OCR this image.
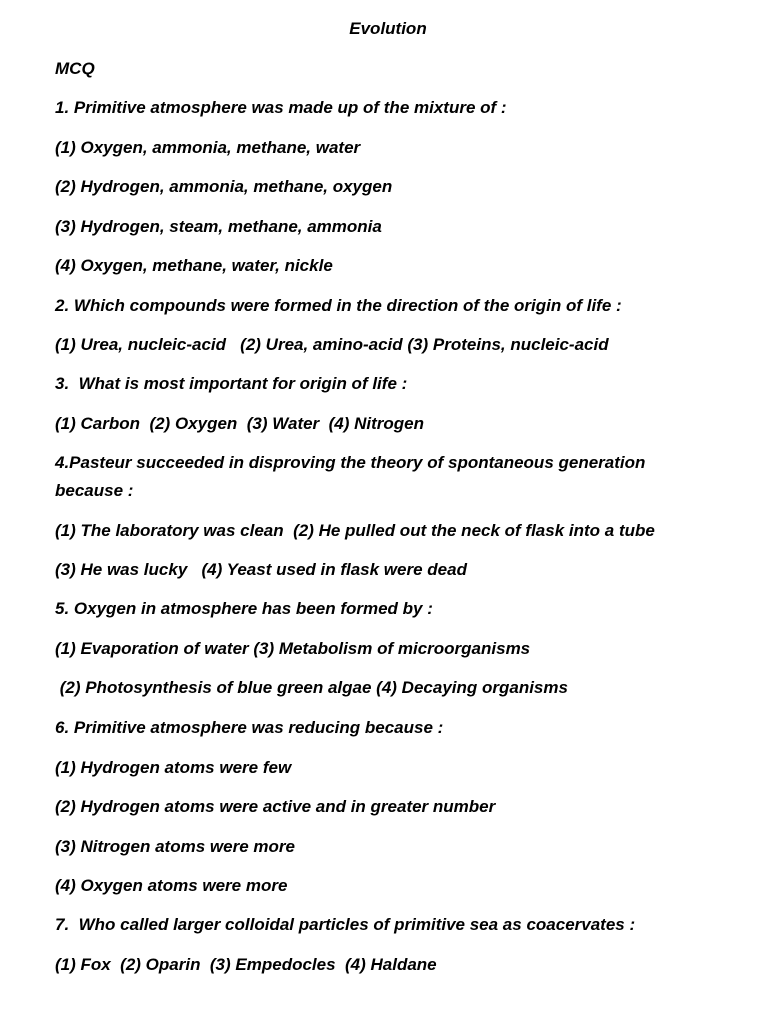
Evolution
MCQ
1. Primitive atmosphere was made up of the mixture of :
(1) Oxygen, ammonia, methane, water
(2) Hydrogen, ammonia, methane, oxygen
(3) Hydrogen, steam, methane, ammonia
(4) Oxygen, methane, water, nickle
2. Which compounds were formed in the direction of the origin of life :
(1) Urea, nucleic-acid   (2) Urea, amino-acid (3) Proteins, nucleic-acid
3.  What is most important for origin of life :
(1) Carbon  (2) Oxygen  (3) Water  (4) Nitrogen
4.Pasteur succeeded in disproving the theory of spontaneous generation
because :
(1) The laboratory was clean  (2) He pulled out the neck of flask into a tube
(3) He was lucky   (4) Yeast used in flask were dead
5. Oxygen in atmosphere has been formed by :
(1) Evaporation of water (3) Metabolism of microorganisms
(2) Photosynthesis of blue green algae (4) Decaying organisms
6. Primitive atmosphere was reducing because :
(1) Hydrogen atoms were few
(2) Hydrogen atoms were active and in greater number
(3) Nitrogen atoms were more
(4) Oxygen atoms were more
7.  Who called larger colloidal particles of primitive sea as coacervates :
(1) Fox  (2) Oparin  (3) Empedocles  (4) Haldane
